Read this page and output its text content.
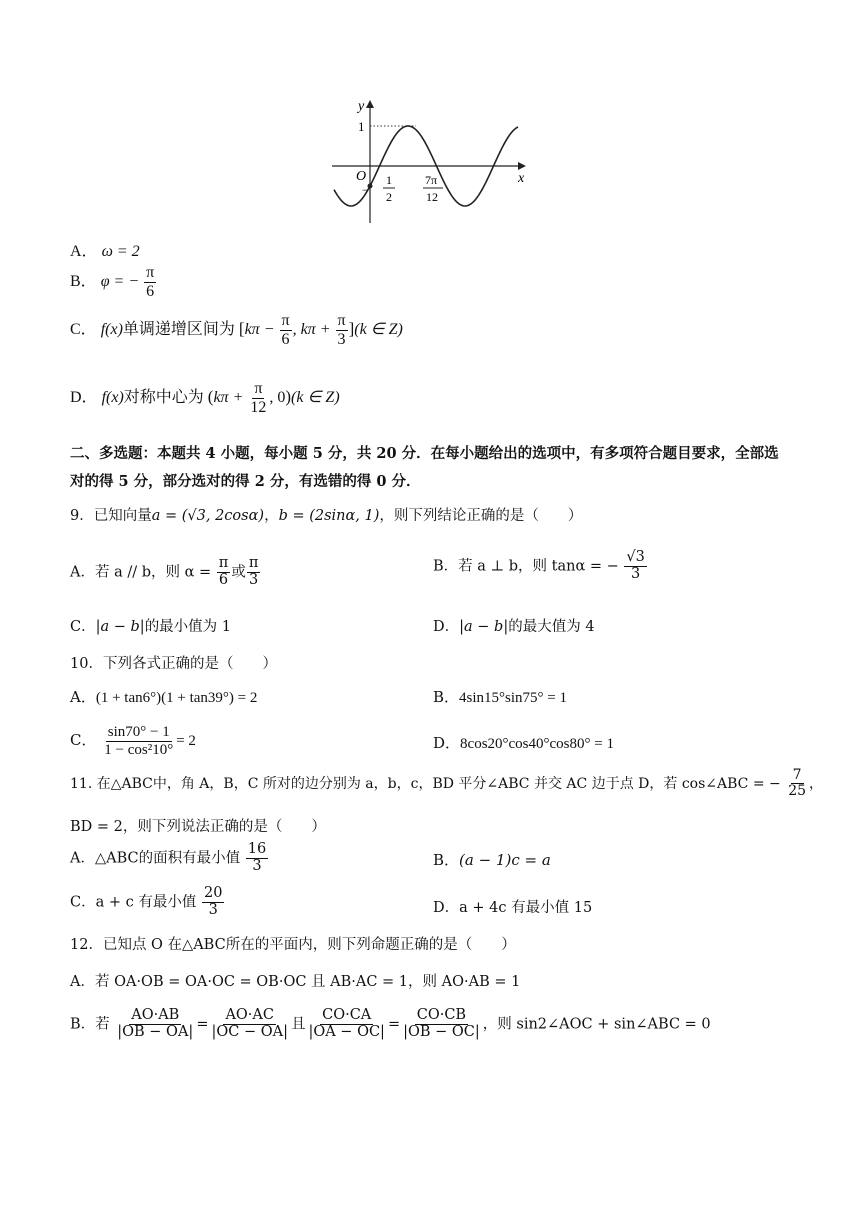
y
x
O
1
−
1
2
7π
12
A． ω = 2
B． φ = − $\frac{\pi}{6}$
C． f(x)单调递增区间为 [$k\pi - \frac{\pi}{6}$ , $k\pi + \frac{\pi}{3} ](k$ ∈ Z)
D． f(x)对称中心为 ($k\pi + \frac{\pi}{12}$ , 0)(k ∈ Z)
二、多选题：本题共 4 小题，每小题 5 分，共 20 分．在每小题给出的选项中，有多项符合题目要求，全部选
对的得 5 分，部分选对的得 2 分，有选错的得 0 分．
9．已知向量a = (√3, 2cosα)，b = (2sinα, 1)，则下列结论正确的是（　　）
A．若 a // b，则 $\alpha = \frac{\pi}{6}$ 或 $\frac{\pi}{3}$	B．若 a ⊥ b，则 tanα = − $\frac{√3}{3}$
C．|a − b|的最小值为 1	D．|a − b|的最大值为 4
10．下列各式正确的是（　　）
A．(1 + tan6°)(1 + tan39°) = 2	B．4sin15°sin75° = 1
C． $\frac{\sin 70^\circ - 1}{\text{1 − cos²10°}} = 2$	D．8cos20°cos40°cos80° = 1
11. 在△ABC中，角 A，B，C 所对的边分别为 a，b，c，BD 平分∠ABC 并交 AC 边于点 D，若 cos∠ABC = − $\frac{7}{25}$ ，
BD = 2，则下列说法正确的是（　　）
A．△ABC的面积有最小值 $\frac{16}{3}$	B．(a − 1)c = a
C．a + c 有最小值 $\frac{20}{3}$	D．a + 4c 有最小值 15
12．已知点 O 在△ABC所在的平面内，则下列命题正确的是（　　）
A．若 OA·OB = OA·OC = OB·OC 且 AB·AC = 1，则 AO·AB = 1
B．若 $\frac{AO\cdot AB}{|OB - OA|} = \frac{AO\cdot AC}{|OC - OA|}$ 且 $\frac{CO\cdot CA}{|OA - OC|} = \frac{CO\cdot CB}{|OB - OC|}$ ，则 sin2∠AOC + sin∠ABC = 0
